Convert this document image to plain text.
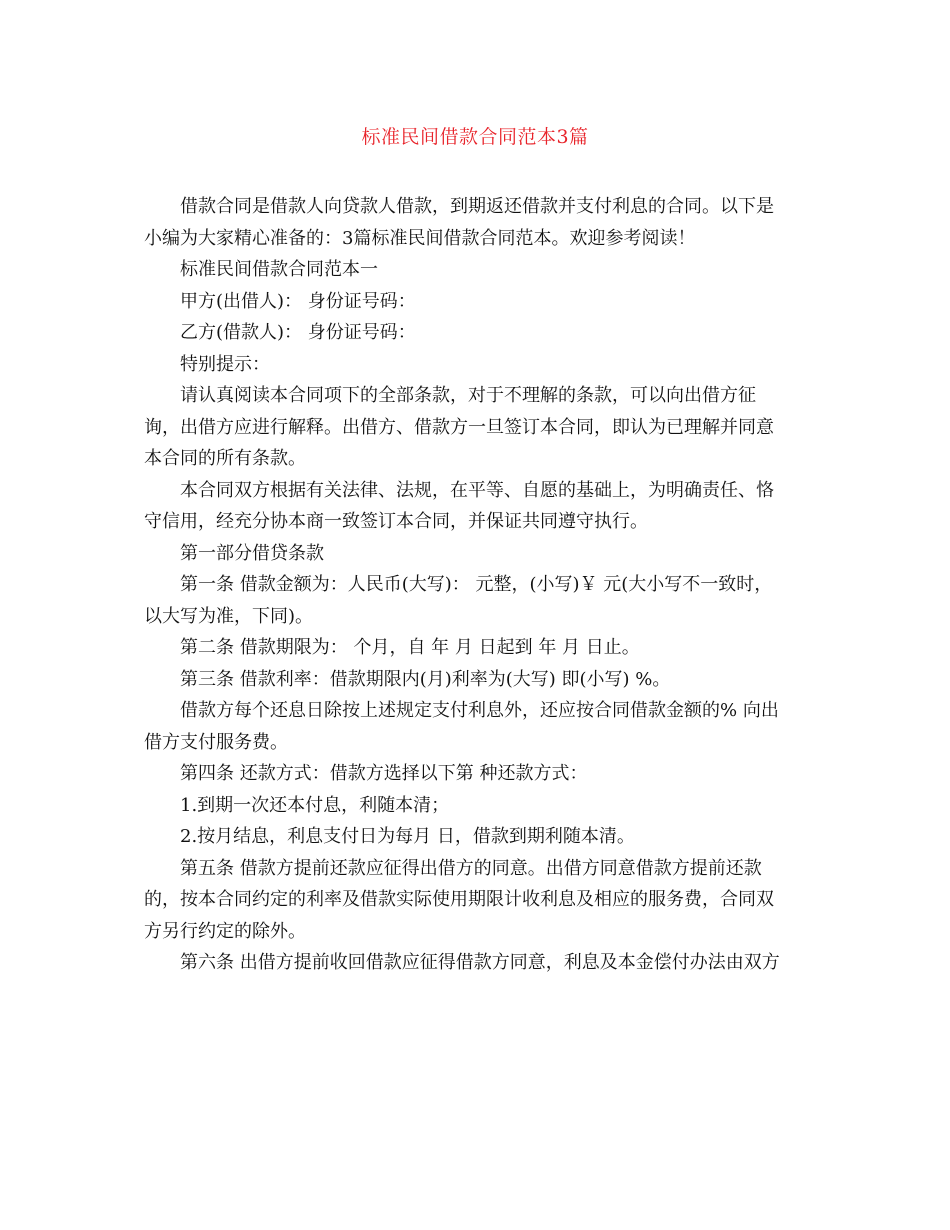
标准民间借款合同范本3篇
借款合同是借款人向贷款人借款，到期返还借款并支付利息的合同。以下是
小编为大家精心准备的：3篇标准民间借款合同范本。欢迎参考阅读！
标准民间借款合同范本一
甲方(出借人)： 身份证号码：
乙方(借款人)： 身份证号码：
特别提示：
请认真阅读本合同项下的全部条款，对于不理解的条款，可以向出借方征
询，出借方应进行解释。出借方、借款方一旦签订本合同，即认为已理解并同意
本合同的所有条款。
本合同双方根据有关法律、法规，在平等、自愿的基础上，为明确责任、恪
守信用，经充分协本商一致签订本合同，并保证共同遵守执行。
第一部分借贷条款
第一条 借款金额为：人民币(大写)： 元整，(小写)￥ 元(大小写不一致时，
以大写为准，下同)。
第二条 借款期限为： 个月，自 年 月 日起到 年 月 日止。
第三条 借款利率：借款期限内(月)利率为(大写) 即(小写) %。
借款方每个还息日除按上述规定支付利息外，还应按合同借款金额的% 向出
借方支付服务费。
第四条 还款方式：借款方选择以下第 种还款方式：
1.到期一次还本付息，利随本清；
2.按月结息，利息支付日为每月 日，借款到期利随本清。
第五条 借款方提前还款应征得出借方的同意。出借方同意借款方提前还款
的，按本合同约定的利率及借款实际使用期限计收利息及相应的服务费，合同双
方另行约定的除外。
第六条 出借方提前收回借款应征得借款方同意，利息及本金偿付办法由双方
